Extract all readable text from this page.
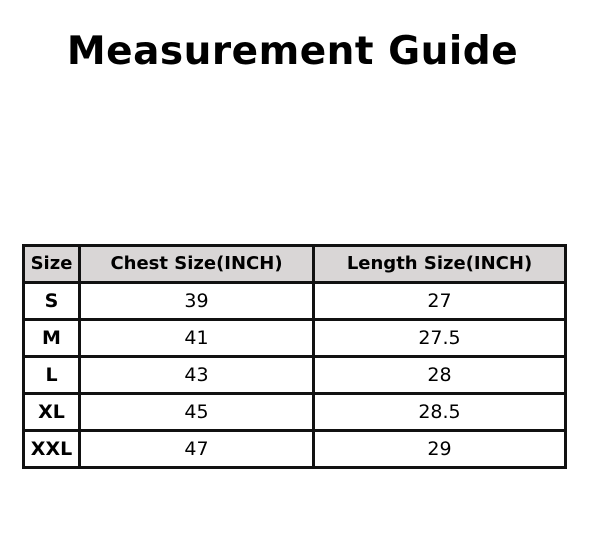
Measurement Guide
Size	Chest Size(INCH)	Length Size(INCH)
S	39	27
M	41	27.5
L	43	28
XL	45	28.5
XXL	47	29
